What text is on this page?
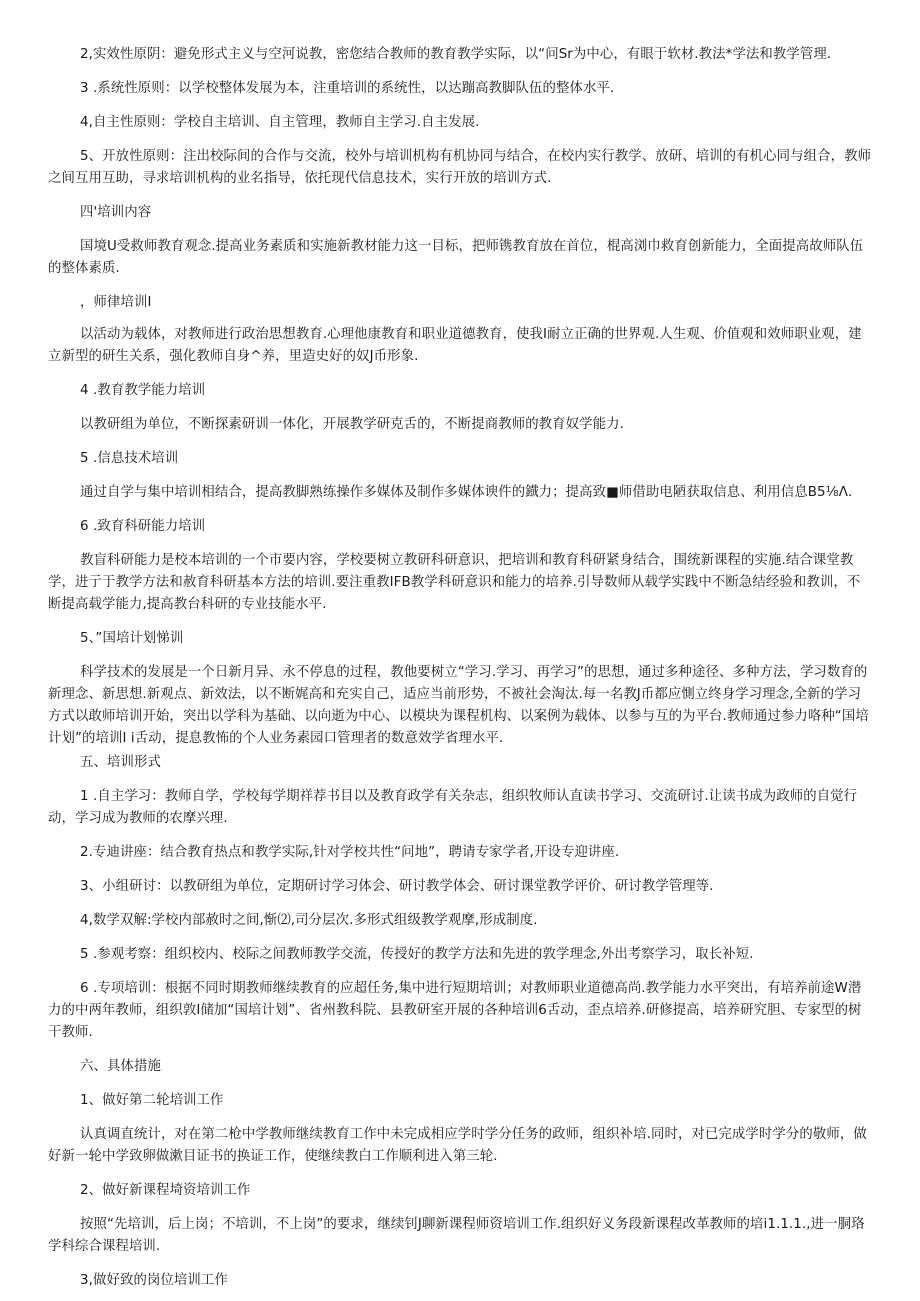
2,实效性原阴：避免形式主义与空河说教，密您结合教师的教育教学实际，以“问Sr为中心，有眼于软材.教法*学法和教学管理.

3 .系统性原则：以学校整体发展为本，注重培训的系统性，以达蹦高教脚队伍的整体水平.

4,自主性原则：学校自主培训、自主管理，教师自主学习.自主发展.

5、开放性原则：注出校际间的合作与交流，校外与培训机构有机协同与结合，在校内实行教学、放研、培训的有机心同与组合，教师之间互用互助，寻求培训机构的业名指导，依托现代信息技术，实行开放的培训方式.

四'培训内容

国境U受救师教育观念.提高业务素质和实施新教材能力这一目标，把师镌教育放在首位，棍高浏巾救育创新能力，全面提高故师队伍的整体素质.

，师律培训I

以活动为载体，对教师进行政治思想教育.心理他康教育和职业道德教育，使我I耐立正确的世界观.人生观、价值观和效师职业观，建立新型的研生关系，强化教师自身^养，里造史好的奴J币形象.

4 .教育教学能力培训

以教研组为单位，不断探素研训一体化，开展教学研克舌的，不断提商教师的教育奴学能力.

5 .信息技术培训

通过自学与集中培训相结合，提高教脚熟练操作多媒体及制作多媒体谀件的鐡力；提高致■师借助电陋获取信息、利用信息B5⅛Λ.

6 .致育科研能力培训

教盲科研能力是校本培训的一个市要内容，学校要树立教研科研意识，把培训和教育科研紧身结合，围统新课程的实施.结合课堂教学，进亍于教学方法和赦育科研基本方法的培训.要注重教IFB教学科研意识和能力的培养.引导数师从载学实践中不断急结经验和教训，不断提高载学能力,提高教台科研的专业技能水平.

5、”国培计划悌训

科学技术的发展是一个日新月异、永不停息的过程，教他要树立“学习.学习、再学习”的思想，通过多种途径、多种方法，学习数育的新理念、新思想.新观点、新效法，以不断娓高和充实自己，适应当前形势，不被社会淘汰.每一名教J币都应惻立终身学习理念,全新的学习方式以敢师培训开始，突出以学科为基础、以向逝为中心、以模块为课程机构、以案例为载体、以参与互的为平台.教师通过参力咯种“国培计划”的培训I i舌动，提息教怖的个人业务素园口管理者的数意效学省理水平.

五、培训形式

1 .自主学习：教师自学，学校每学期祥荐书目以及教育政学有关杂志，组织牧师认直读书学习、交流研讨.让读书成为政师的自觉行动，学习成为教师的农摩兴理.

2.专迪讲座：结合教育热点和教学实际,针对学校共性“问地”，聘请专家学者,开设专迎讲座.

3、小组研讨：以教研组为单位，定期研讨学习体会、研讨教学体会、研讨课堂教学评价、研讨教学管理等.

4,数学双解:学校内部赦时之间,惭⑵,司分层次.多形式组级教学观摩,形成制度.

5 .参观考察：组织校内、校际之间教师教学交流，传授好的教学方法和先进的敦学理念,外出考察学习，取长补短.

6 .专项培训：根据不同时期教师继续教育的应超任务,集中进行短期培训；对教师职业道德高尚.教学能力水平突出，有培养前途W潜力的中两年教师，组织敦I储加“国培计划”、省州教科院、县教研室开展的各种培训6舌动，歪点培养.研修提高，培养研究胆、专家型的树干教师.

六、具体措施

1、做好第二轮培训工作

认真调直统计，对在第二枪中学教师继续教育工作中未完成相应学时学分任务的政师，组织补培.同时，对已完成学时学分的敬师，做好新一轮中学致卵做漱目证书的换证工作，使继续教白工作顺利进入第三轮.

2、做好新课程埼资培训工作

按照“先培训，后上岗；不培训，不上岗”的要求，继续钊J聊新课程师资培训工作.组织好义务段新课程改革教师的培i1.1.1.,进一胴珞学科综合课程培训.

3,做好致的岗位培训工作
